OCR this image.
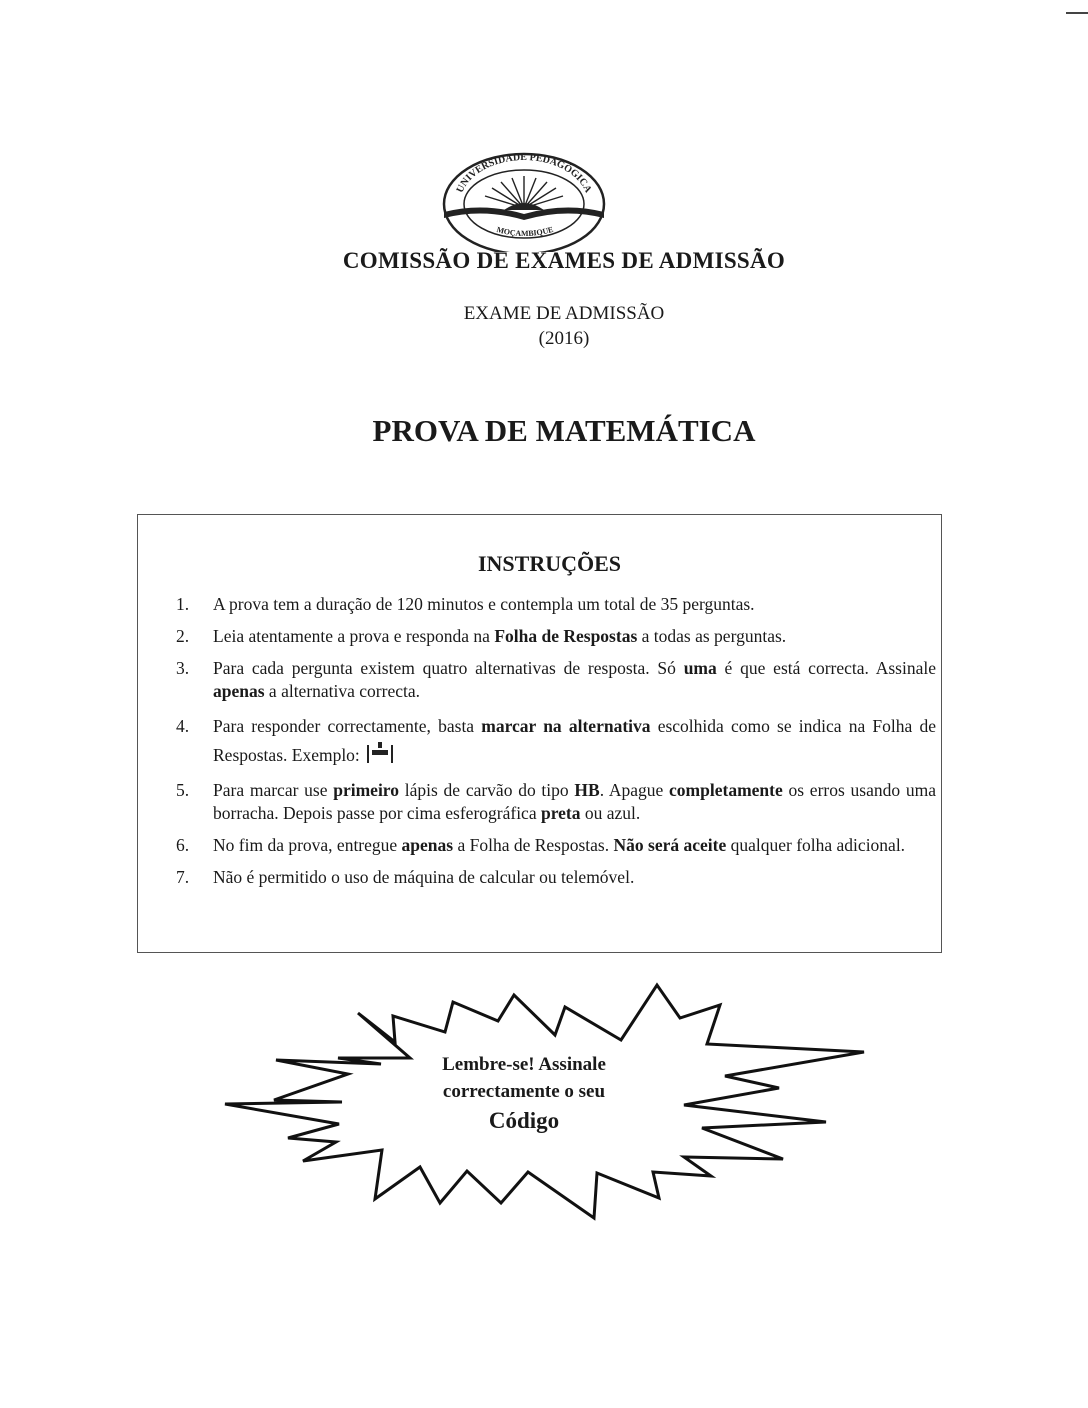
UNIVERSIDADE PEDAGÓGICA
MOÇAMBIQUE
COMISSÃO DE EXAMES DE ADMISSÃO
EXAME DE ADMISSÃO
(2016)
PROVA DE MATEMÁTICA
INSTRUÇÕES
1. A prova tem a duração de 120 minutos e contempla um total de 35 perguntas.
2. Leia atentamente a prova e responda na Folha de Respostas a todas as perguntas.
3. Para cada pergunta existem quatro alternativas de resposta. Só uma é que está correcta. Assinale apenas a alternativa correcta.
4. Para responder correctamente, basta marcar na alternativa escolhida como se indica na Folha de Respostas. Exemplo:
5. Para marcar use primeiro lápis de carvão do tipo HB. Apague completamente os erros usando uma borracha. Depois passe por cima esferográfica preta ou azul.
6. No fim da prova, entregue apenas a Folha de Respostas. Não será aceite qualquer folha adicional.
7. Não é permitido o uso de máquina de calcular ou telemóvel.
Lembre-se! Assinale
correctamente o seu
Código
